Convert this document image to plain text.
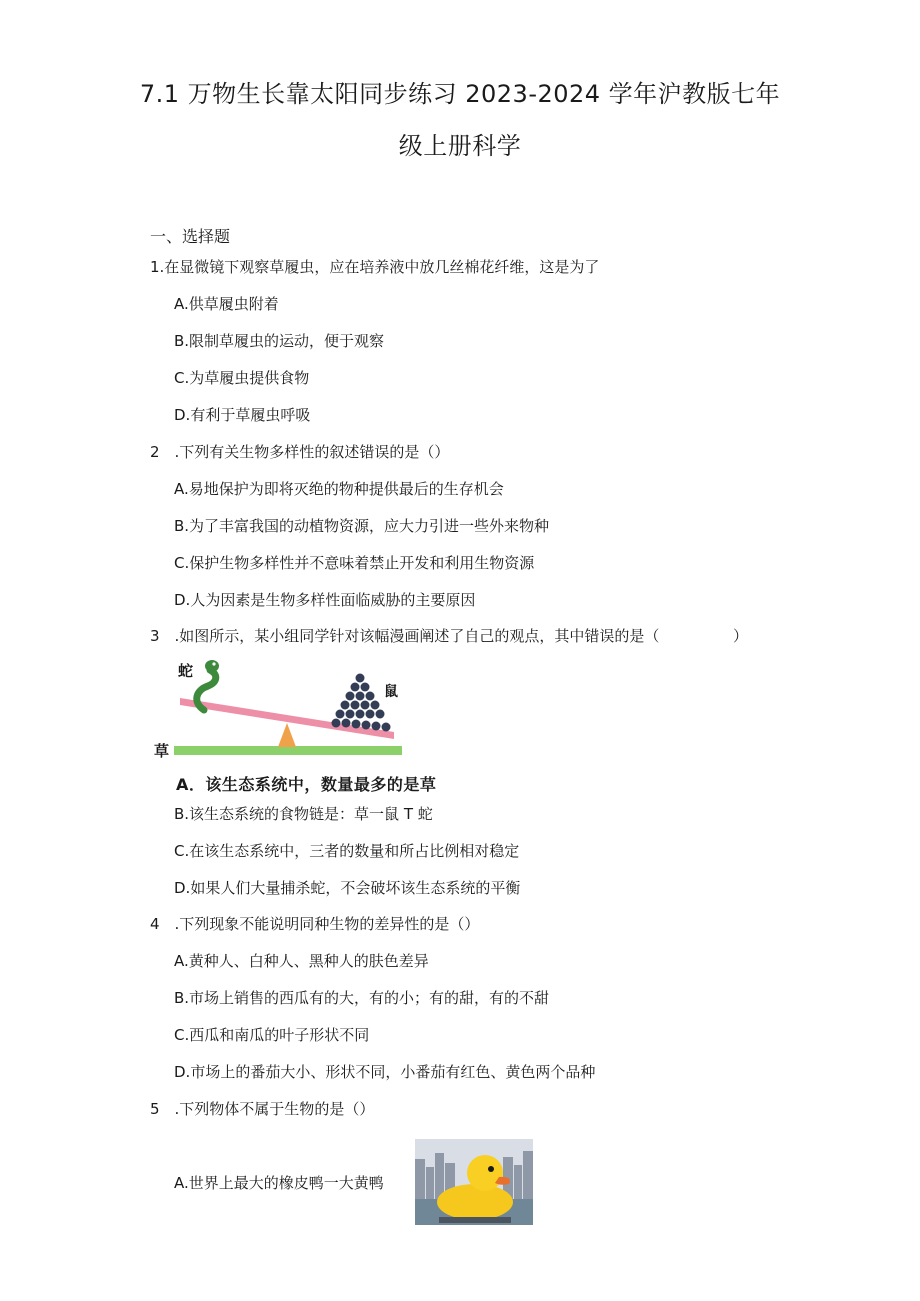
7.1 万物生长靠太阳同步练习 2023-2024 学年沪教版七年
级上册科学
一、选择题
1.在显微镜下观察草履虫，应在培养液中放几丝棉花纤维，这是为了
A.供草履虫附着
B.限制草履虫的运动，便于观察
C.为草履虫提供食物
D.有利于草履虫呼吸
2　.下列有关生物多样性的叙述错误的是（）
A.易地保护为即将灭绝的物种提供最后的生存机会
B.为了丰富我国的动植物资源，应大力引进一些外来物种
C.保护生物多样性并不意味着禁止开发和利用生物资源
D.人为因素是生物多样性面临威胁的主要原因
3　.如图所示，某小组同学针对该幅漫画阐述了自己的观点，其中错误的是（	）
蛇
鼠
草
A．该生态系统中，数量最多的是草
B.该生态系统的食物链是：草一鼠 T 蛇
C.在该生态系统中，三者的数量和所占比例相对稳定
D.如果人们大量捕杀蛇，不会破坏该生态系统的平衡
4　.下列现象不能说明同种生物的差异性的是（）
A.黄种人、白种人、黑种人的肤色差异
B.市场上销售的西瓜有的大，有的小；有的甜，有的不甜
C.西瓜和南瓜的叶子形状不同
D.市场上的番茄大小、形状不同，小番茄有红色、黄色两个品种
5　.下列物体不属于生物的是（）
A.世界上最大的橡皮鸭一大黄鸭
